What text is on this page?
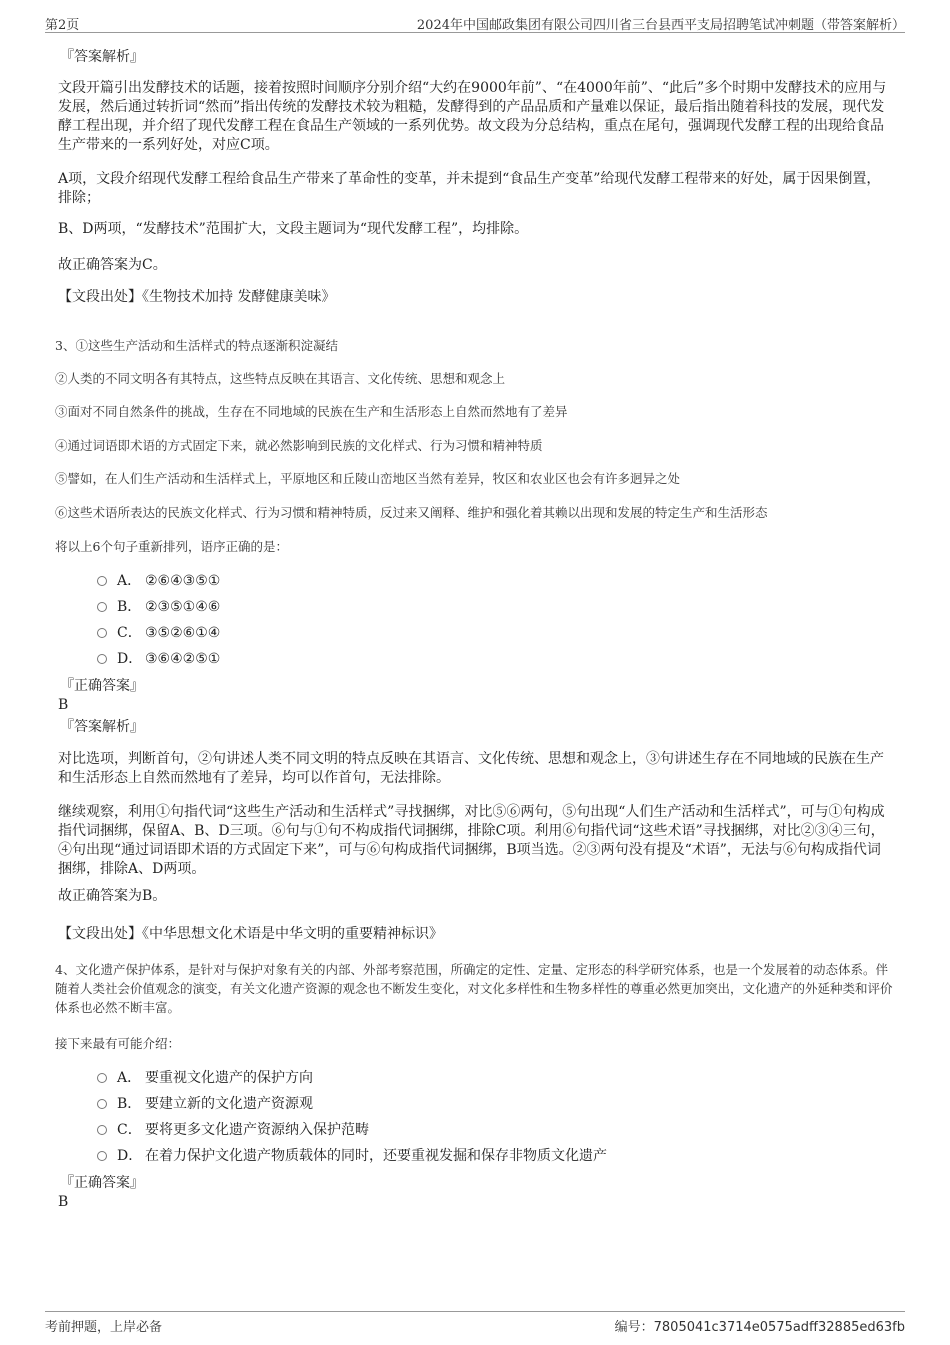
第2页	2024年中国邮政集团有限公司四川省三台县西平支局招聘笔试冲刺题（带答案解析）
『答案解析』
文段开篇引出发酵技术的话题，接着按照时间顺序分别介绍“大约在9000年前”、“在4000年前”、“此后”多个时期中发酵技术的应用与发展，然后通过转折词“然而”指出传统的发酵技术较为粗糙，发酵得到的产品品质和产量难以保证，最后指出随着科技的发展，现代发酵工程出现，并介绍了现代发酵工程在食品生产领域的一系列优势。故文段为分总结构，重点在尾句，强调现代发酵工程的出现给食品生产带来的一系列好处，对应C项。
A项，文段介绍现代发酵工程给食品生产带来了革命性的变革，并未提到“食品生产变革”给现代发酵工程带来的好处，属于因果倒置，排除；
B、D两项，“发酵技术”范围扩大，文段主题词为“现代发酵工程”，均排除。
故正确答案为C。
【文段出处】《生物技术加持 发酵健康美味》
3、①这些生产活动和生活样式的特点逐渐积淀凝结
②人类的不同文明各有其特点，这些特点反映在其语言、文化传统、思想和观念上
③面对不同自然条件的挑战，生存在不同地域的民族在生产和生活形态上自然而然地有了差异
④通过词语即术语的方式固定下来，就必然影响到民族的文化样式、行为习惯和精神特质
⑤譬如，在人们生产活动和生活样式上，平原地区和丘陵山峦地区当然有差异，牧区和农业区也会有许多迥异之处
⑥这些术语所表达的民族文化样式、行为习惯和精神特质，反过来又阐释、维护和强化着其赖以出现和发展的特定生产和生活形态
将以上6个句子重新排列，语序正确的是：
A． ②⑥④③⑤①
B． ②③⑤①④⑥
C． ③⑤②⑥①④
D． ③⑥④②⑤①
『正确答案』
B
『答案解析』
对比选项，判断首句，②句讲述人类不同文明的特点反映在其语言、文化传统、思想和观念上，③句讲述生存在不同地域的民族在生产和生活形态上自然而然地有了差异，均可以作首句，无法排除。
继续观察，利用①句指代词“这些生产活动和生活样式”寻找捆绑，对比⑤⑥两句，⑤句出现“人们生产活动和生活样式”，可与①句构成指代词捆绑，保留A、B、D三项。⑥句与①句不构成指代词捆绑，排除C项。利用⑥句指代词“这些术语”寻找捆绑，对比②③④三句，④句出现“通过词语即术语的方式固定下来”，可与⑥句构成指代词捆绑，B项当选。②③两句没有提及“术语”，无法与⑥句构成指代词捆绑，排除A、D两项。
故正确答案为B。
【文段出处】《中华思想文化术语是中华文明的重要精神标识》
4、文化遗产保护体系，是针对与保护对象有关的内部、外部考察范围，所确定的定性、定量、定形态的科学研究体系，也是一个发展着的动态体系。伴随着人类社会价值观念的演变，有关文化遗产资源的观念也不断发生变化，对文化多样性和生物多样性的尊重必然更加突出，文化遗产的外延种类和评价体系也必然不断丰富。
接下来最有可能介绍：
A． 要重视文化遗产的保护方向
B． 要建立新的文化遗产资源观
C． 要将更多文化遗产资源纳入保护范畴
D． 在着力保护文化遗产物质载体的同时，还要重视发掘和保存非物质文化遗产
『正确答案』
B
考前押题，上岸必备	编号：7805041c3714e0575adff32885ed63fb
